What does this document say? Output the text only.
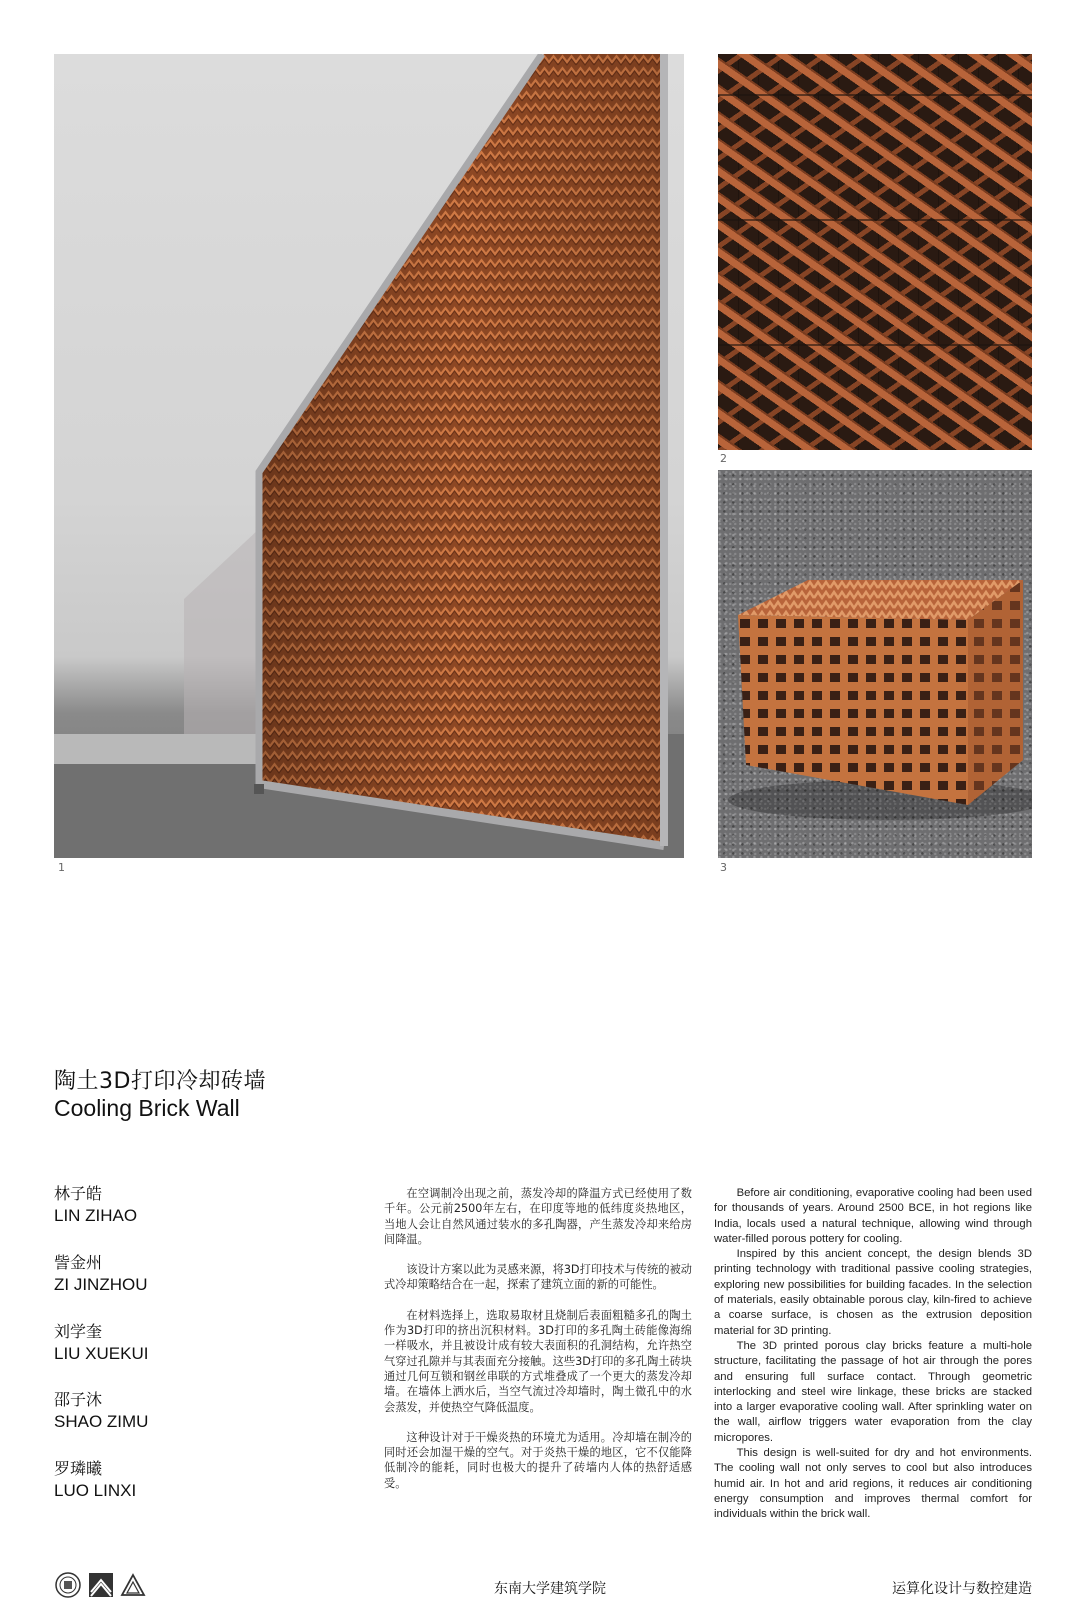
1
2
3
陶土3D打印冷却砖墙
Cooling Brick Wall
林子皓
LIN ZIHAO
訾金州
ZI JINZHOU
刘学奎
LIU XUEKUI
邵子沐
SHAO ZIMU
罗璘曦
LUO LINXI

在空调制冷出现之前，蒸发冷却的降温方式已经使用了数千年。公元前2500年左右，在印度等地的低纬度炎热地区，当地人会让自然风通过装水的多孔陶器，产生蒸发冷却来给房间降温。

该设计方案以此为灵感来源，将3D打印技术与传统的被动式冷却策略结合在一起，探索了建筑立面的新的可能性。

在材料选择上，选取易取材且烧制后表面粗糙多孔的陶土作为3D打印的挤出沉积材料。3D打印的多孔陶土砖能像海绵一样吸水，并且被设计成有较大表面积的孔洞结构，允许热空气穿过孔隙并与其表面充分接触。这些3D打印的多孔陶土砖块通过几何互锁和钢丝串联的方式堆叠成了一个更大的蒸发冷却墙。在墙体上洒水后，当空气流过冷却墙时，陶土微孔中的水会蒸发，并使热空气降低温度。

这种设计对于干燥炎热的环境尤为适用。冷却墙在制冷的同时还会加湿干燥的空气。对于炎热干燥的地区，它不仅能降低制冷的能耗，同时也极大的提升了砖墙内人体的热舒适感受。

Before air conditioning, evaporative cooling had been used for thousands of years. Around 2500 BCE, in hot regions like India, locals used a natural technique, allowing wind through water-filled porous pottery for cooling.

Inspired by this ancient concept, the design blends 3D printing technology with traditional passive cooling strategies, exploring new possibilities for building facades. In the selection of materials, easily obtainable porous clay, kiln-fired to achieve a coarse surface, is chosen as the extrusion deposition material for 3D printing.

The 3D printed porous clay bricks feature a multi-hole structure, facilitating the passage of hot air through the pores and ensuring full surface contact. Through geometric interlocking and steel wire linkage, these bricks are stacked into a larger evaporative cooling wall. After sprinkling water on the wall, airflow triggers water evaporation from the clay micropores.

This design is well-suited for dry and hot environments. The cooling wall not only serves to cool but also introduces humid air. In hot and arid regions, it reduces air conditioning energy consumption and improves thermal comfort for individuals within the brick wall.

东南大学建筑学院	运算化设计与数控建造
